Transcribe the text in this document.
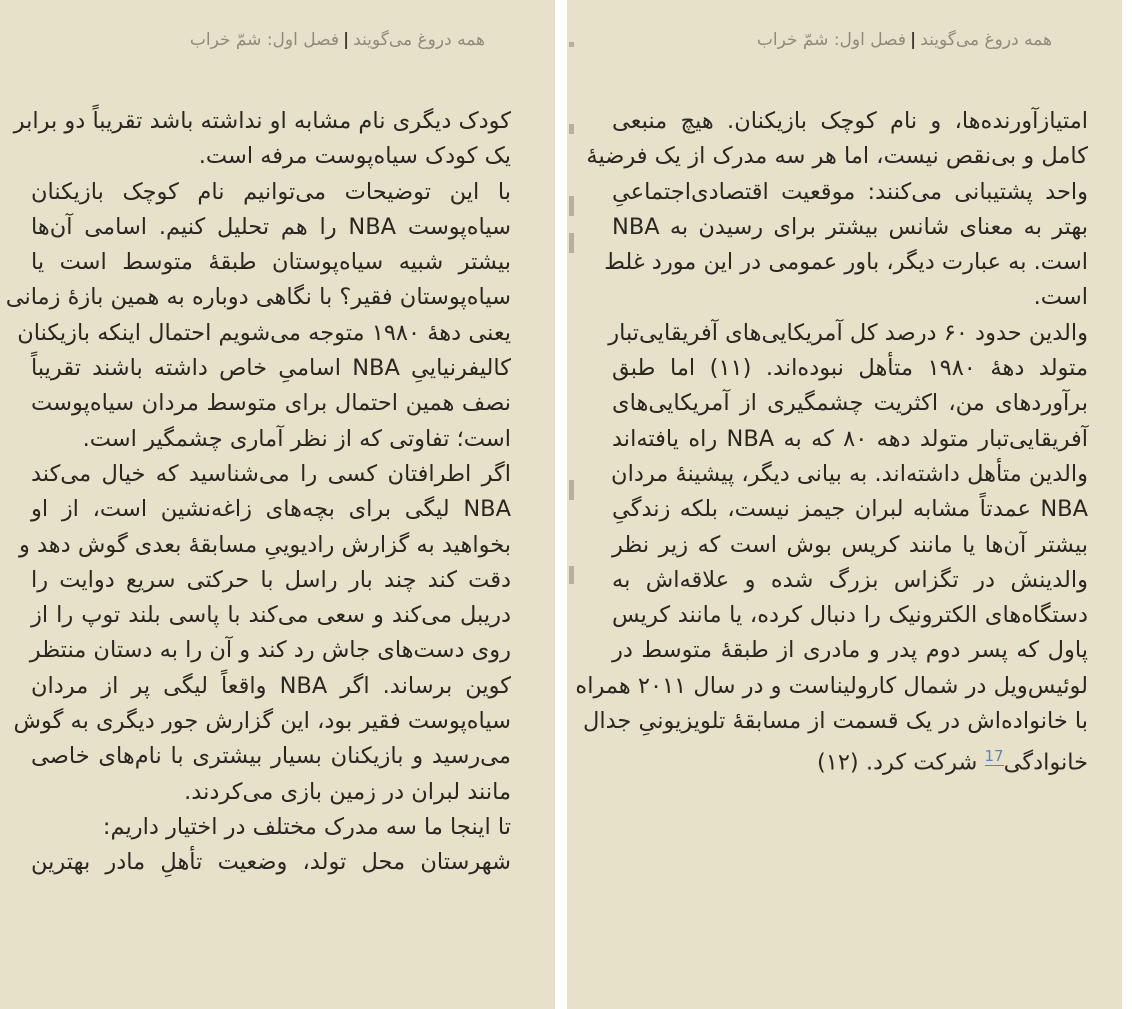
همه دروغ می‌گویند|فصل اول: شمّ خراب
کودک دیگری نام مشابه او نداشته باشد تقریباً دو برابر
یک کودک سیاه‌پوست مرفه است.
با این توضیحات می‌توانیم نام کوچک بازیکنان
سیاه‌پوست NBA را هم تحلیل کنیم. اسامی آن‌ها
بیشتر شبیه سیاه‌پوستان طبقهٔ متوسط است یا
سیاه‌پوستان فقیر؟ با نگاهی دوباره به همین بازهٔ زمانی
یعنی دههٔ ۱۹۸۰ متوجه می‌شویم احتمال اینکه بازیکنان
کالیفرنیاییِ NBA اسامیِ خاص داشته باشند تقریباً
نصف همین احتمال برای متوسط مردان سیاه‌پوست
است؛ تفاوتی که از نظر آماری چشمگیر است.
اگر اطرافتان کسی را می‌شناسید که خیال می‌کند
NBA لیگی برای بچه‌های زاغه‌نشین است، از او
بخواهید به گزارش رادیوییِ مسابقهٔ بعدی گوش دهد و
دقت کند چند بار راسل با حرکتی سریع دوایت را
دریبل می‌کند و سعی می‌کند با پاسی بلند توپ را از
روی دست‌های جاش رد کند و آن را به دستان منتظر
کوین برساند. اگر NBA واقعاً لیگی پر از مردان
سیاه‌پوست فقیر بود، این گزارش جور دیگری به گوش
می‌رسید و بازیکنان بسیار بیشتری با نام‌های خاصی
مانند لبران در زمین بازی می‌کردند.
تا اینجا ما سه مدرک مختلف در اختیار داریم:
شهرستان محل تولد، وضعیت تأهلِ مادر بهترین
همه دروغ می‌گویند|فصل اول: شمّ خراب
امتیازآورنده‌ها، و نام کوچک بازیکنان. هیچ منبعی
کامل و بی‌نقص نیست، اما هر سه مدرک از یک فرضیهٔ
واحد پشتیبانی می‌کنند: موقعیت اقتصادی‌اجتماعیِ
بهتر به معنای شانس بیشتر برای رسیدن به NBA
است. به عبارت دیگر، باور عمومی در این مورد غلط
است.
والدین حدود ۶۰ درصد کل آمریکایی‌های آفریقایی‌تبار
متولد دههٔ ۱۹۸۰ متأهل نبوده‌اند. (۱۱) اما طبق
برآوردهای من، اکثریت چشمگیری از آمریکایی‌های
آفریقایی‌تبار متولد دهه ۸۰ که به NBA راه یافته‌اند
والدین متأهل داشته‌اند. به بیانی دیگر، پیشینهٔ مردان
NBA عمدتاً مشابه لبران جیمز نیست، بلکه زندگیِ
بیشتر آن‌ها یا مانند کریس بوش است که زیر نظر
والدینش در تگزاس بزرگ شده و علاقه‌اش به
دستگاه‌های الکترونیک را دنبال کرده، یا مانند کریس
پاول که پسر دوم پدر و مادری از طبقهٔ متوسط در
لوئیس‌ویل در شمال کارولیناست و در سال ۲۰۱۱ همراه
با خانواده‌اش در یک قسمت از مسابقهٔ تلویزیونیِ جدال
خانوادگی$^{17}$ شرکت کرد. (۱۲)
